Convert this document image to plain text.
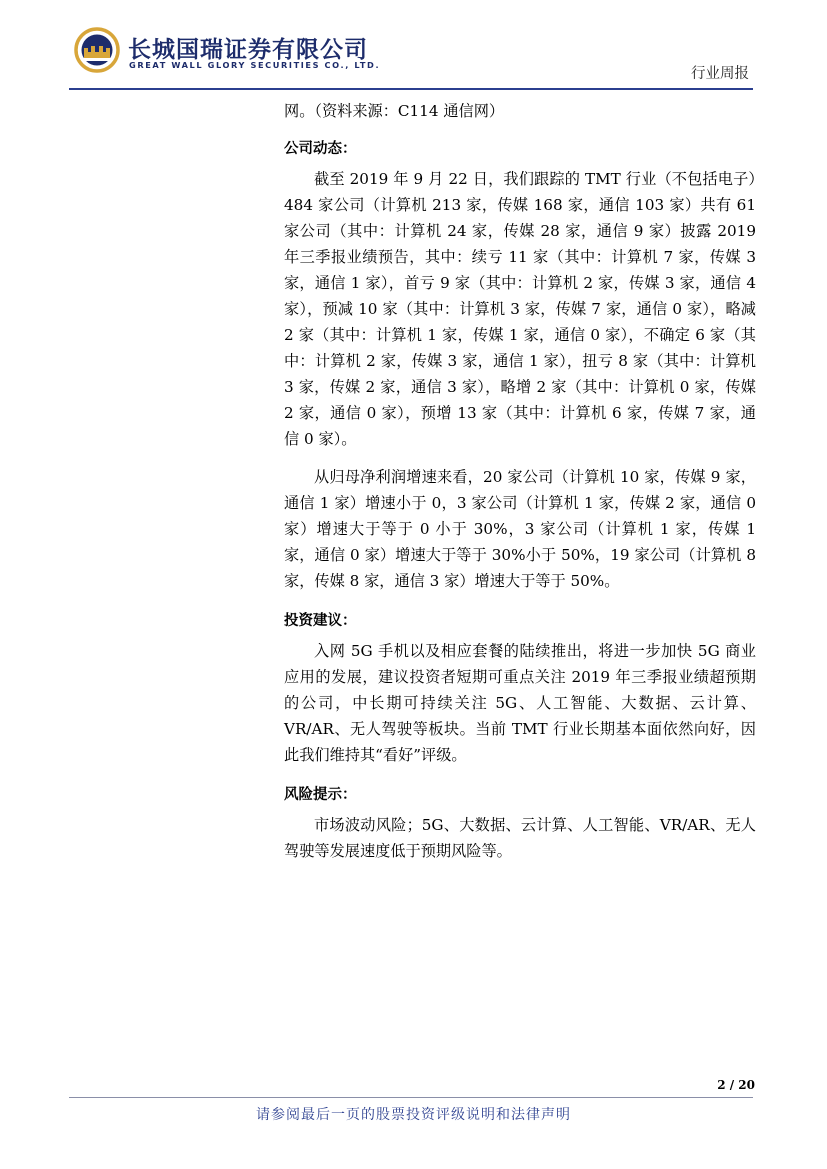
长城国瑞证券有限公司
GREAT WALL GLORY SECURITIES CO., LTD.
行业周报

网。（资料来源：C114 通信网）

公司动态：

截至 2019 年 9 月 22 日，我们跟踪的 TMT 行业（不包括电子）484 家公司（计算机 213 家，传媒 168 家，通信 103 家）共有 61 家公司（其中：计算机 24 家，传媒 28 家，通信 9 家）披露 2019 年三季报业绩预告，其中：续亏 11 家（其中：计算机 7 家，传媒 3 家，通信 1 家），首亏 9 家（其中：计算机 2 家，传媒 3 家，通信 4 家），预减 10 家（其中：计算机 3 家，传媒 7 家，通信 0 家），略减 2 家（其中：计算机 1 家，传媒 1 家，通信 0 家），不确定 6 家（其中：计算机 2 家，传媒 3 家，通信 1 家），扭亏 8 家（其中：计算机 3 家，传媒 2 家，通信 3 家），略增 2 家（其中：计算机 0 家，传媒 2 家，通信 0 家），预增 13 家（其中：计算机 6 家，传媒 7 家，通信 0 家）。

从归母净利润增速来看，20 家公司（计算机 10 家，传媒 9 家，通信 1 家）增速小于 0，3 家公司（计算机 1 家，传媒 2 家，通信 0 家）增速大于等于 0 小于 30%，3 家公司（计算机 1 家，传媒 1 家，通信 0 家）增速大于等于 30%小于 50%，19 家公司（计算机 8 家，传媒 8 家，通信 3 家）增速大于等于 50%。

投资建议：

入网 5G 手机以及相应套餐的陆续推出，将进一步加快 5G 商业应用的发展，建议投资者短期可重点关注 2019 年三季报业绩超预期的公司，中长期可持续关注 5G、人工智能、大数据、云计算、VR/AR、无人驾驶等板块。当前 TMT 行业长期基本面依然向好，因此我们维持其“看好”评级。

风险提示：

市场波动风险；5G、大数据、云计算、人工智能、VR/AR、无人驾驶等发展速度低于预期风险等。

2 / 20
请参阅最后一页的股票投资评级说明和法律声明
